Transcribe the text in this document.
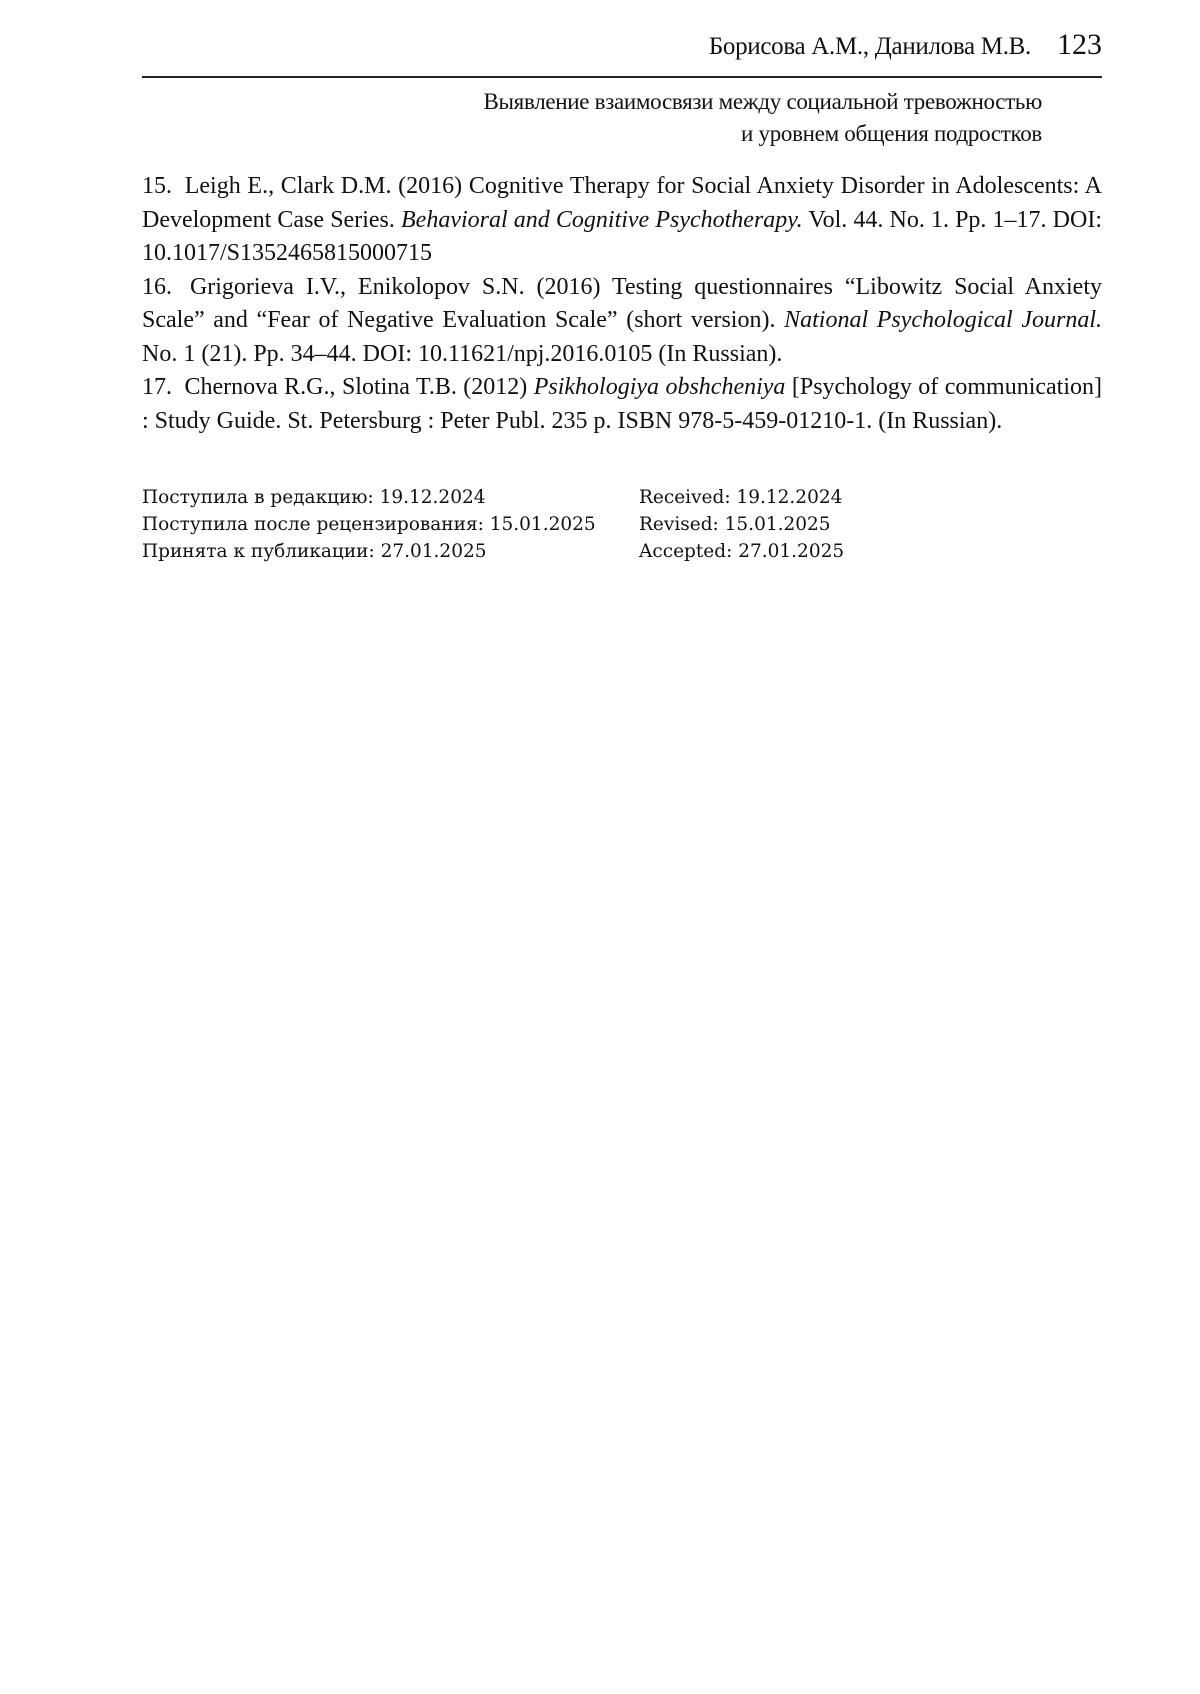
Борисова А.М., Данилова М.В. 123
Выявление взаимосвязи между социальной тревожностью
и уровнем общения подростков

15. Leigh E., Clark D.M. (2016) Cognitive Therapy for Social Anxiety Disorder in Adolescents: A Development Case Series. Behavioral and Cognitive Psychotherapy. Vol. 44. No. 1. Pp. 1–17. DOI: 10.1017/S1352465815000715

16. Grigorieva I.V., Enikolopov S.N. (2016) Testing questionnaires “Libowitz Social Anxiety Scale” and “Fear of Negative Evaluation Scale” (short version). National Psychological Journal. No. 1 (21). Pp. 34–44. DOI: 10.11621/npj.2016.0105 (In Russian).

17. Chernova R.G., Slotina T.B. (2012) Psikhologiya obshcheniya [Psychology of communication] : Study Guide. St. Petersburg : Peter Publ. 235 p. ISBN 978-5-459-01210-1. (In Russian).

Поступила в редакцию: 19.12.2024	Received: 19.12.2024
Поступила после рецензирования: 15.01.2025	Revised: 15.01.2025
Принята к публикации: 27.01.2025	Accepted: 27.01.2025
